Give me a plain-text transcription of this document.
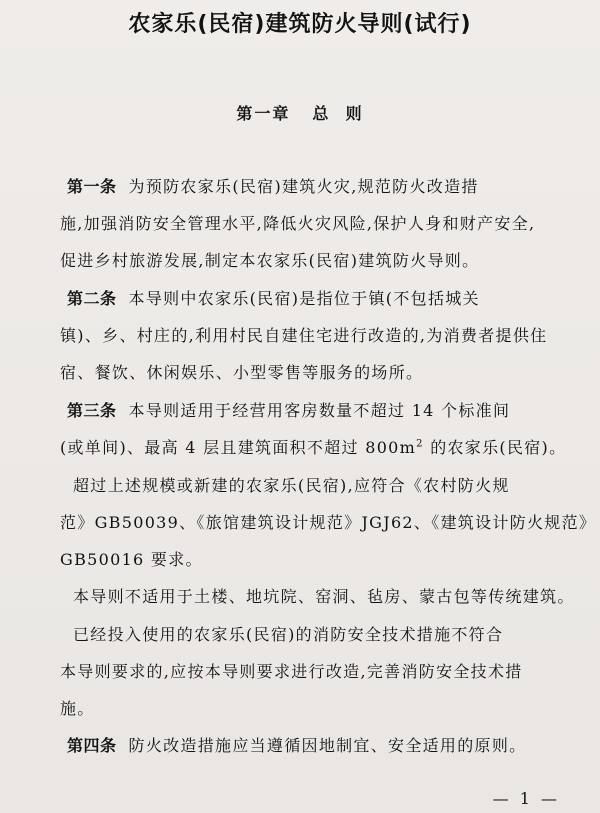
农家乐(民宿)建筑防火导则(试行)
第一章 总  则
第一条 为预防农家乐(民宿)建筑火灾,规范防火改造措
施,加强消防安全管理水平,降低火灾风险,保护人身和财产安全,
促进乡村旅游发展,制定本农家乐(民宿)建筑防火导则。
第二条 本导则中农家乐(民宿)是指位于镇(不包括城关
镇)、乡、村庄的,利用村民自建住宅进行改造的,为消费者提供住
宿、餐饮、休闲娱乐、小型零售等服务的场所。
第三条 本导则适用于经营用客房数量不超过 14 个标准间
(或单间)、最高 4 层且建筑面积不超过 $800m^2$ 的农家乐(民宿)。
超过上述规模或新建的农家乐(民宿),应符合《农村防火规
范》GB50039、《旅馆建筑设计规范》JGJ62、《建筑设计防火规范》
GB50016 要求。
本导则不适用于土楼、地坑院、窑洞、毡房、蒙古包等传统建筑。
已经投入使用的农家乐(民宿)的消防安全技术措施不符合
本导则要求的,应按本导则要求进行改造,完善消防安全技术措
施。
第四条 防火改造措施应当遵循因地制宜、安全适用的原则。
— 1 —
